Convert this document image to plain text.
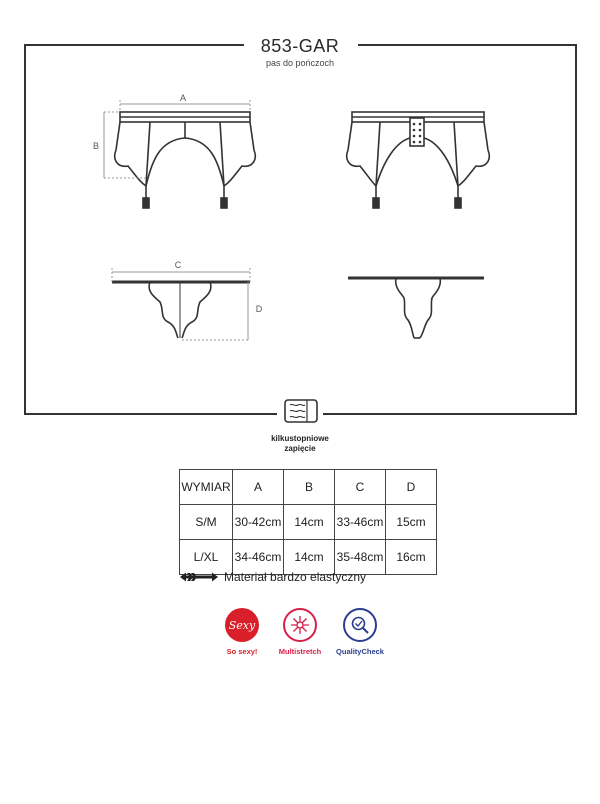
853-GAR
pas do pończoch
A
B
C
D
kilkustopniowe
zapięcie
WYMIAR	A	B	C	D
S/M	30-42cm	14cm	33-46cm	15cm
L/XL	34-46cm	14cm	35-48cm	16cm
Materiał bardzo elastyczny
Sexy
So sexy!	Multistretch	QualityCheck
